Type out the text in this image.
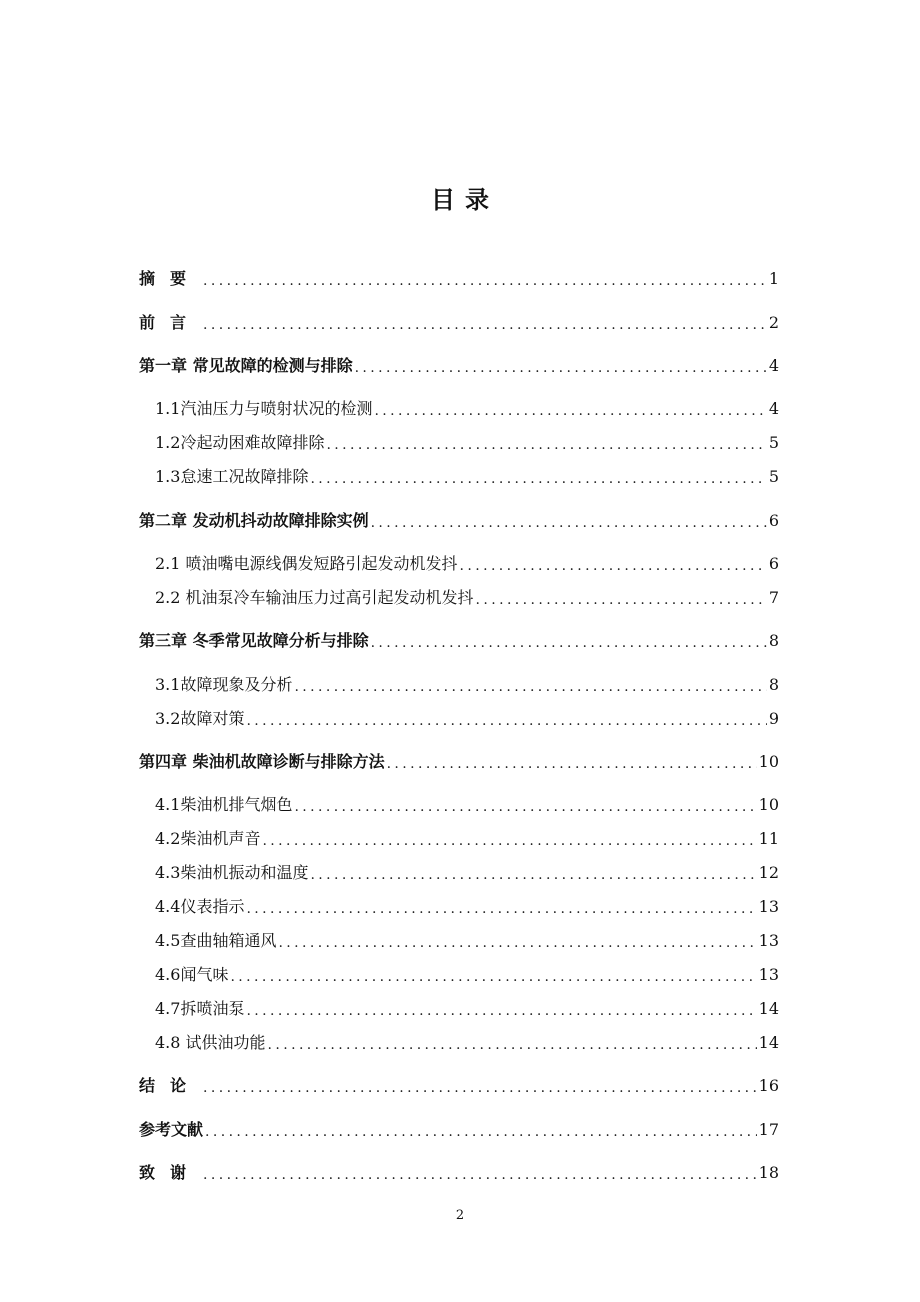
目录
摘要 .....	1
前言 .....	2
第一章 常见故障的检测与排除 .....	4
1.1汽油压力与喷射状况的检测 .....	4
1.2冷起动困难故障排除 .....	5
1.3怠速工况故障排除 .....	5
第二章 发动机抖动故障排除实例 .....	6
2.1 喷油嘴电源线偶发短路引起发动机发抖 .....	6
2.2 机油泵冷车输油压力过高引起发动机发抖 .....	7
第三章 冬季常见故障分析与排除 .....	8
3.1故障现象及分析 .....	8
3.2故障对策 .....	9
第四章 柴油机故障诊断与排除方法 .....	10
4.1柴油机排气烟色 .....	10
4.2柴油机声音 .....	11
4.3柴油机振动和温度 .....	12
4.4仪表指示 .....	13
4.5查曲轴箱通风 .....	13
4.6闻气味 .....	13
4.7拆喷油泵 .....	14
4.8 试供油功能 .....	14
结论 .....	16
参考文献 .....	17
致谢 .....	18
2
